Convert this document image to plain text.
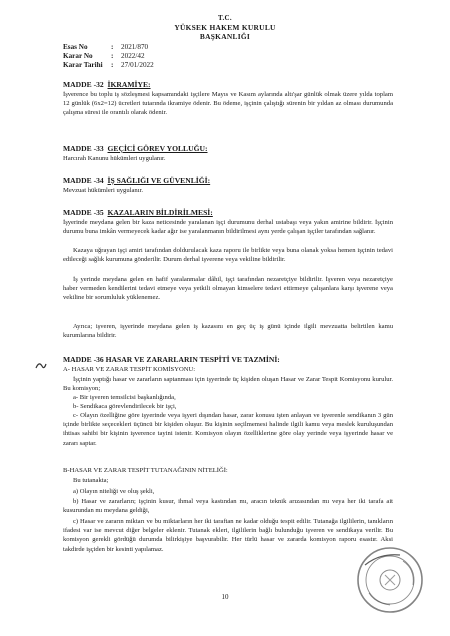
T.C.
YÜKSEK HAKEM KURULU
BAŞKANLIĞI
Esas No	: 2021/870
Karar No	: 2022/42
Karar Tarihi : 27/01/2022
MADDE -32 İKRAMİYE:
İşverence bu toplu iş sözleşmesi kapsamındaki işçilere Mayıs ve Kasım aylarında altı'şar günlük olmak üzere yılda toplam 12 günlük (6x2=12) ücretleri tutarında ikramiye ödenir. Bu ödeme, işçinin çalıştığı sürenin bir yıldan az olması durumunda çalışma süresi ile orantılı olarak ödenir.
MADDE -33 GEÇİCİ GÖREV YOLLUĞU:
Harcırah Kanunu hükümleri uygulanır.
MADDE -34 İŞ SAĞLIĞI VE GÜVENLİĞİ:
Mevzuat hükümleri uygulanır.
MADDE -35 KAZALARIN BİLDİRİLMESİ:
İşyerinde meydana gelen bir kaza neticesinde yaralanan işçi durumunu derhal ustabaşı veya yakın amirine bildirir. İşçinin durumu buna imkân vermeyecek kadar ağır ise yaralanmanın bildirilmesi aynı yerde çalışan işçiler tarafından sağlanır.
Kazaya uğrayan işçi amiri tarafından doldurulacak kaza raporu ile birlikte veya buna olanak yoksa hemen işçinin tedavi edileceği sağlık kurumuna gönderilir. Durum derhal işverene veya vekiline bildirilir.
İş yerinde meydana gelen en hafif yaralanmalar dâhil, işçi tarafından nezaretçiye bildirilir. İşveren veya nezaretçiye haber vermeden kendilerini tedavi etmeye veya yetkili olmayan kimselere tedavi ettirmeye çalışanlara karşı işverene veya vekiline bir sorumluluk yüklenemez.
Ayrıca; işveren, işyerinde meydana gelen iş kazasını en geç üç iş günü içinde ilgili mevzuatta belirtilen kamu kurumlarına bildirir.
MADDE -36 HASAR VE ZARARLARIN TESPİTİ VE TAZMİNİ:
A- HASAR VE ZARAR TESPİT KOMİSYONU:
İşçinin yaptığı hasar ve zararların saptanması için işyerinde üç kişiden oluşan Hasar ve Zarar Tespit Komisyonu kurulur. Bu komisyon;
a- Bir işveren temsilcisi başkanlığında,
b- Sendikaca görevlendirilecek bir işçi,
c- Olayın özelliğine göre işyerinde veya işyeri dışından hasar, zarar konusu işten anlayan ve işverenle sendikanın 3 gün içinde birlikte seçecekleri üçüncü bir kişiden oluşur. Bu kişinin seçilmemesi halinde ilgili kamu veya meslek kuruluşundan ihtisas sahibi bir kişinin işverence tayini istenir. Komisyon olayın özelliklerine göre olay yerinde veya işyerinde hasar ve zararı saptar.
B-HASAR VE ZARAR TESPİT TUTANAĞININ NİTELİĞİ:
Bu tutanakta;
a) Olayın niteliği ve oluş şekli,
b) Hasar ve zararların; işçinin kusur, ihmal veya kastından mı, aracın teknik arızasından mı veya her iki tarafa ait kusurundan mı meydana geldiği,
c) Hasar ve zararın miktarı ve bu miktarların her iki taraftan ne kadar olduğu tespit edilir. Tutanağa ilgililerin, tanıkların ifadesi var ise mevcut diğer belgeler eklenir. Tutanak ekleri, ilgililerin bağlı bulunduğu işveren ve sendikaya verilir. Bu komisyon gerekli gördüğü durumda bilirkişiye başvurabilir. Her türlü hasar ve zararda komisyon raporu esastır. Aksi takdirde işçiden bir kesinti yapılamaz.
10
